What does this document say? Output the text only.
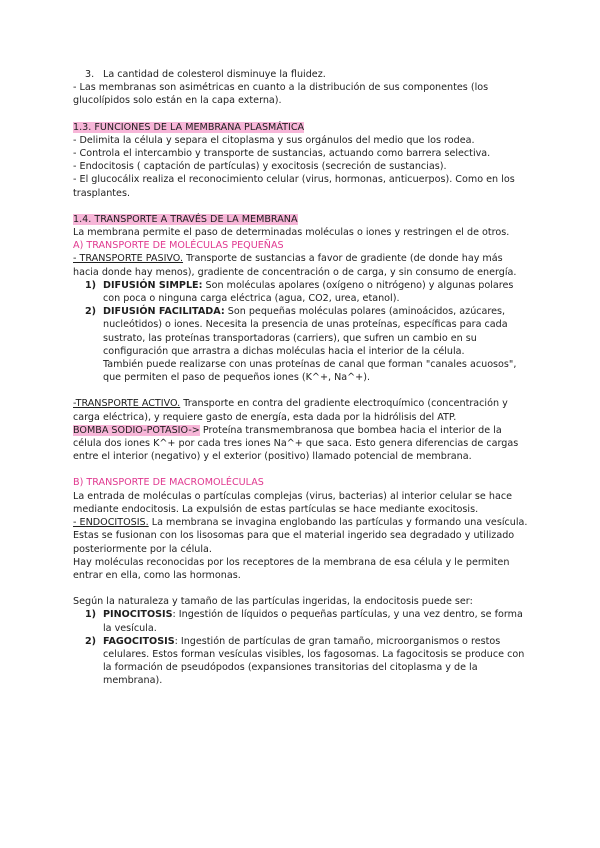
3. La cantidad de colesterol disminuye la fluidez.

- Las membranas son asimétricas en cuanto a la distribución de sus componentes (los glucolípidos solo están en la capa externa).

1.3. FUNCIONES DE LA MEMBRANA PLASMÁTICA

- Delimita la célula y separa el citoplasma y sus orgánulos del medio que los rodea.

- Controla el intercambio y transporte de sustancias, actuando como barrera selectiva.

- Endocitosis ( captación de partículas) y exocitosis (secreción de sustancias).

- El glucocálix realiza el reconocimiento celular (virus, hormonas, anticuerpos). Como en los trasplantes.

1.4. TRANSPORTE A TRAVÉS DE LA MEMBRANA

La membrana permite el paso de determinadas moléculas o iones y restringen el de otros.

A) TRANSPORTE DE MOLÉCULAS PEQUEÑAS

- TRANSPORTE PASIVO. Transporte de sustancias a favor de gradiente (de donde hay más hacia donde hay menos), gradiente de concentración o de carga, y sin consumo de energía.

1) DIFUSIÓN SIMPLE: Son moléculas apolares (oxígeno o nitrógeno) y algunas polares con poca o ninguna carga eléctrica (agua, CO2, urea, etanol).
2) DIFUSIÓN FACILITADA: Son pequeñas moléculas polares (aminoácidos, azúcares, nucleótidos) o iones. Necesita la presencia de unas proteínas, específicas para cada sustrato, las proteínas transportadoras (carriers), que sufren un cambio en su configuración que arrastra a dichas moléculas hacia el interior de la célula.

También puede realizarse con unas proteínas de canal que forman "canales acuosos", que permiten el paso de pequeños iones (K^+, Na^+).

-TRANSPORTE ACTIVO. Transporte en contra del gradiente electroquímico (concentración y carga eléctrica), y requiere gasto de energía, esta dada por la hidrólisis del ATP.

BOMBA SODIO-POTASIO-> Proteína transmembranosa que bombea hacia el interior de la célula dos iones K^+ por cada tres iones Na^+ que saca. Esto genera diferencias de cargas entre el interior (negativo) y el exterior (positivo) llamado potencial de membrana.

B) TRANSPORTE DE MACROMOLÉCULAS

La entrada de moléculas o partículas complejas (virus, bacterias) al interior celular se hace mediante endocitosis. La expulsión de estas partículas se hace mediante exocitosis.

- ENDOCITOSIS. La membrana se invagina englobando las partículas y formando una vesícula. Estas se fusionan con los lisosomas para que el material ingerido sea degradado y utilizado posteriormente por la célula.

Hay moléculas reconocidas por los receptores de la membrana de esa célula y le permiten entrar en ella, como las hormonas.

Según la naturaleza y tamaño de las partículas ingeridas, la endocitosis puede ser:

1) PINOCITOSIS: Ingestión de líquidos o pequeñas partículas, y una vez dentro, se forma la vesícula.
2) FAGOCITOSIS: Ingestión de partículas de gran tamaño, microorganismos o restos celulares. Estos forman vesículas visibles, los fagosomas. La fagocitosis se produce con la formación de pseudópodos (expansiones transitorias del citoplasma y de la membrana).
